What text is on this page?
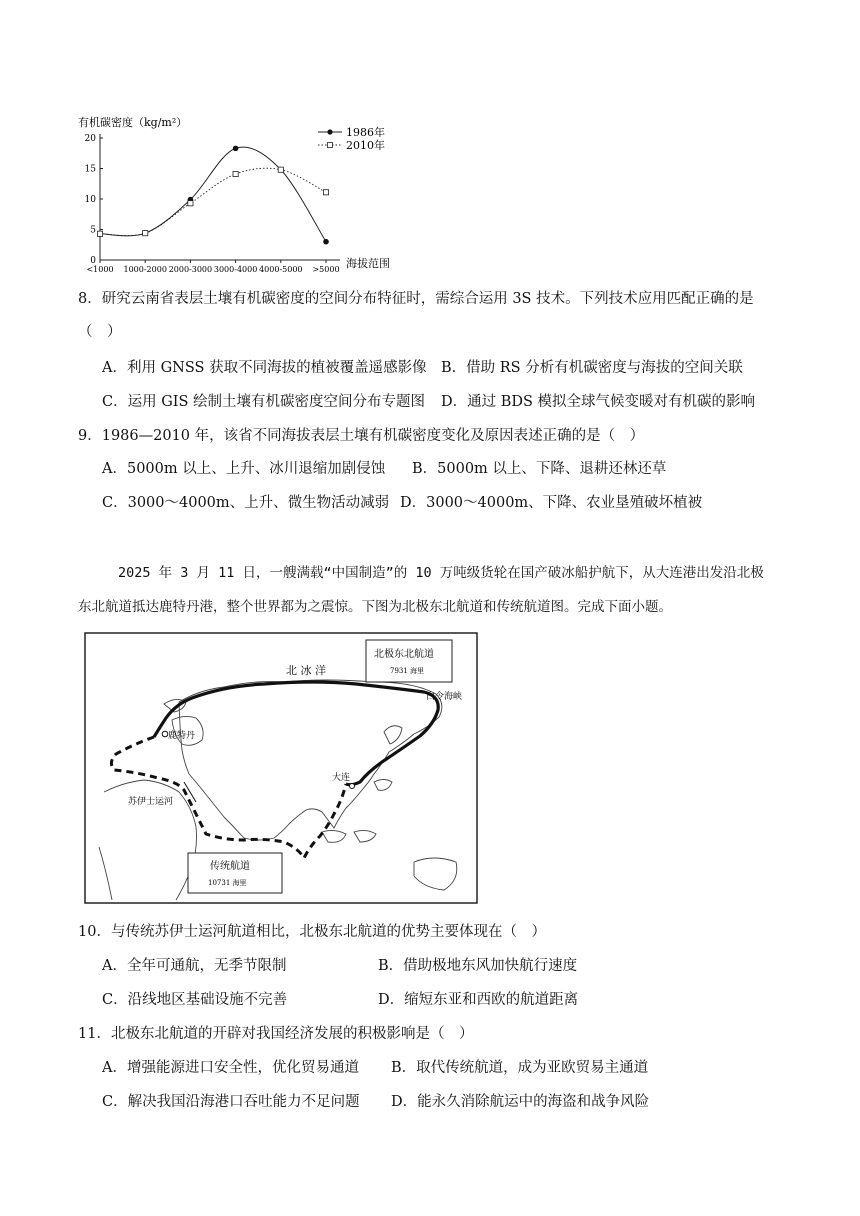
有机碳密度（kg/m²）
0
5
10
15
20
<1000 1000-2000 2000-3000 3000-4000 4000-5000 >5000 海拔范围
1986年
2010年
8．研究云南省表层土壤有机碳密度的空间分布特征时，需综合运用 3S 技术。下列技术应用匹配正确的是
（　）
A．利用 GNSS 获取不同海拔的植被覆盖遥感影像 B．借助 RS 分析有机碳密度与海拔的空间关联
C．运用 GIS 绘制土壤有机碳密度空间分布专题图 D．通过 BDS 模拟全球气候变暖对有机碳的影响
9．1986—2010 年，该省不同海拔表层土壤有机碳密度变化及原因表述正确的是（　）
A．5000m 以上、上升、冰川退缩加剧侵蚀 B．5000m 以上、下降、退耕还林还草
C．3000～4000m、上升、微生物活动减弱 D．3000～4000m、下降、农业垦殖破坏植被
2025 年 3 月 11 日，一艘满载“中国制造”的 10 万吨级货轮在国产破冰船护航下，从大连港出发沿北极
东北航道抵达鹿特丹港，整个世界都为之震惊。下图为北极东北航道和传统航道图。完成下面小题。
北 冰 洋
北极东北航道
7931 海里
白令海峡
鹿特丹
大连
苏伊士运河
传统航道
10731 海里
10．与传统苏伊士运河航道相比，北极东北航道的优势主要体现在（　）
A．全年可通航，无季节限制	B．借助极地东风加快航行速度
C．沿线地区基础设施不完善	D．缩短东亚和西欧的航道距离
11．北极东北航道的开辟对我国经济发展的积极影响是（　）
A．增强能源进口安全性，优化贸易通道 B．取代传统航道，成为亚欧贸易主通道
C．解决我国沿海港口吞吐能力不足问题 D．能永久消除航运中的海盗和战争风险
